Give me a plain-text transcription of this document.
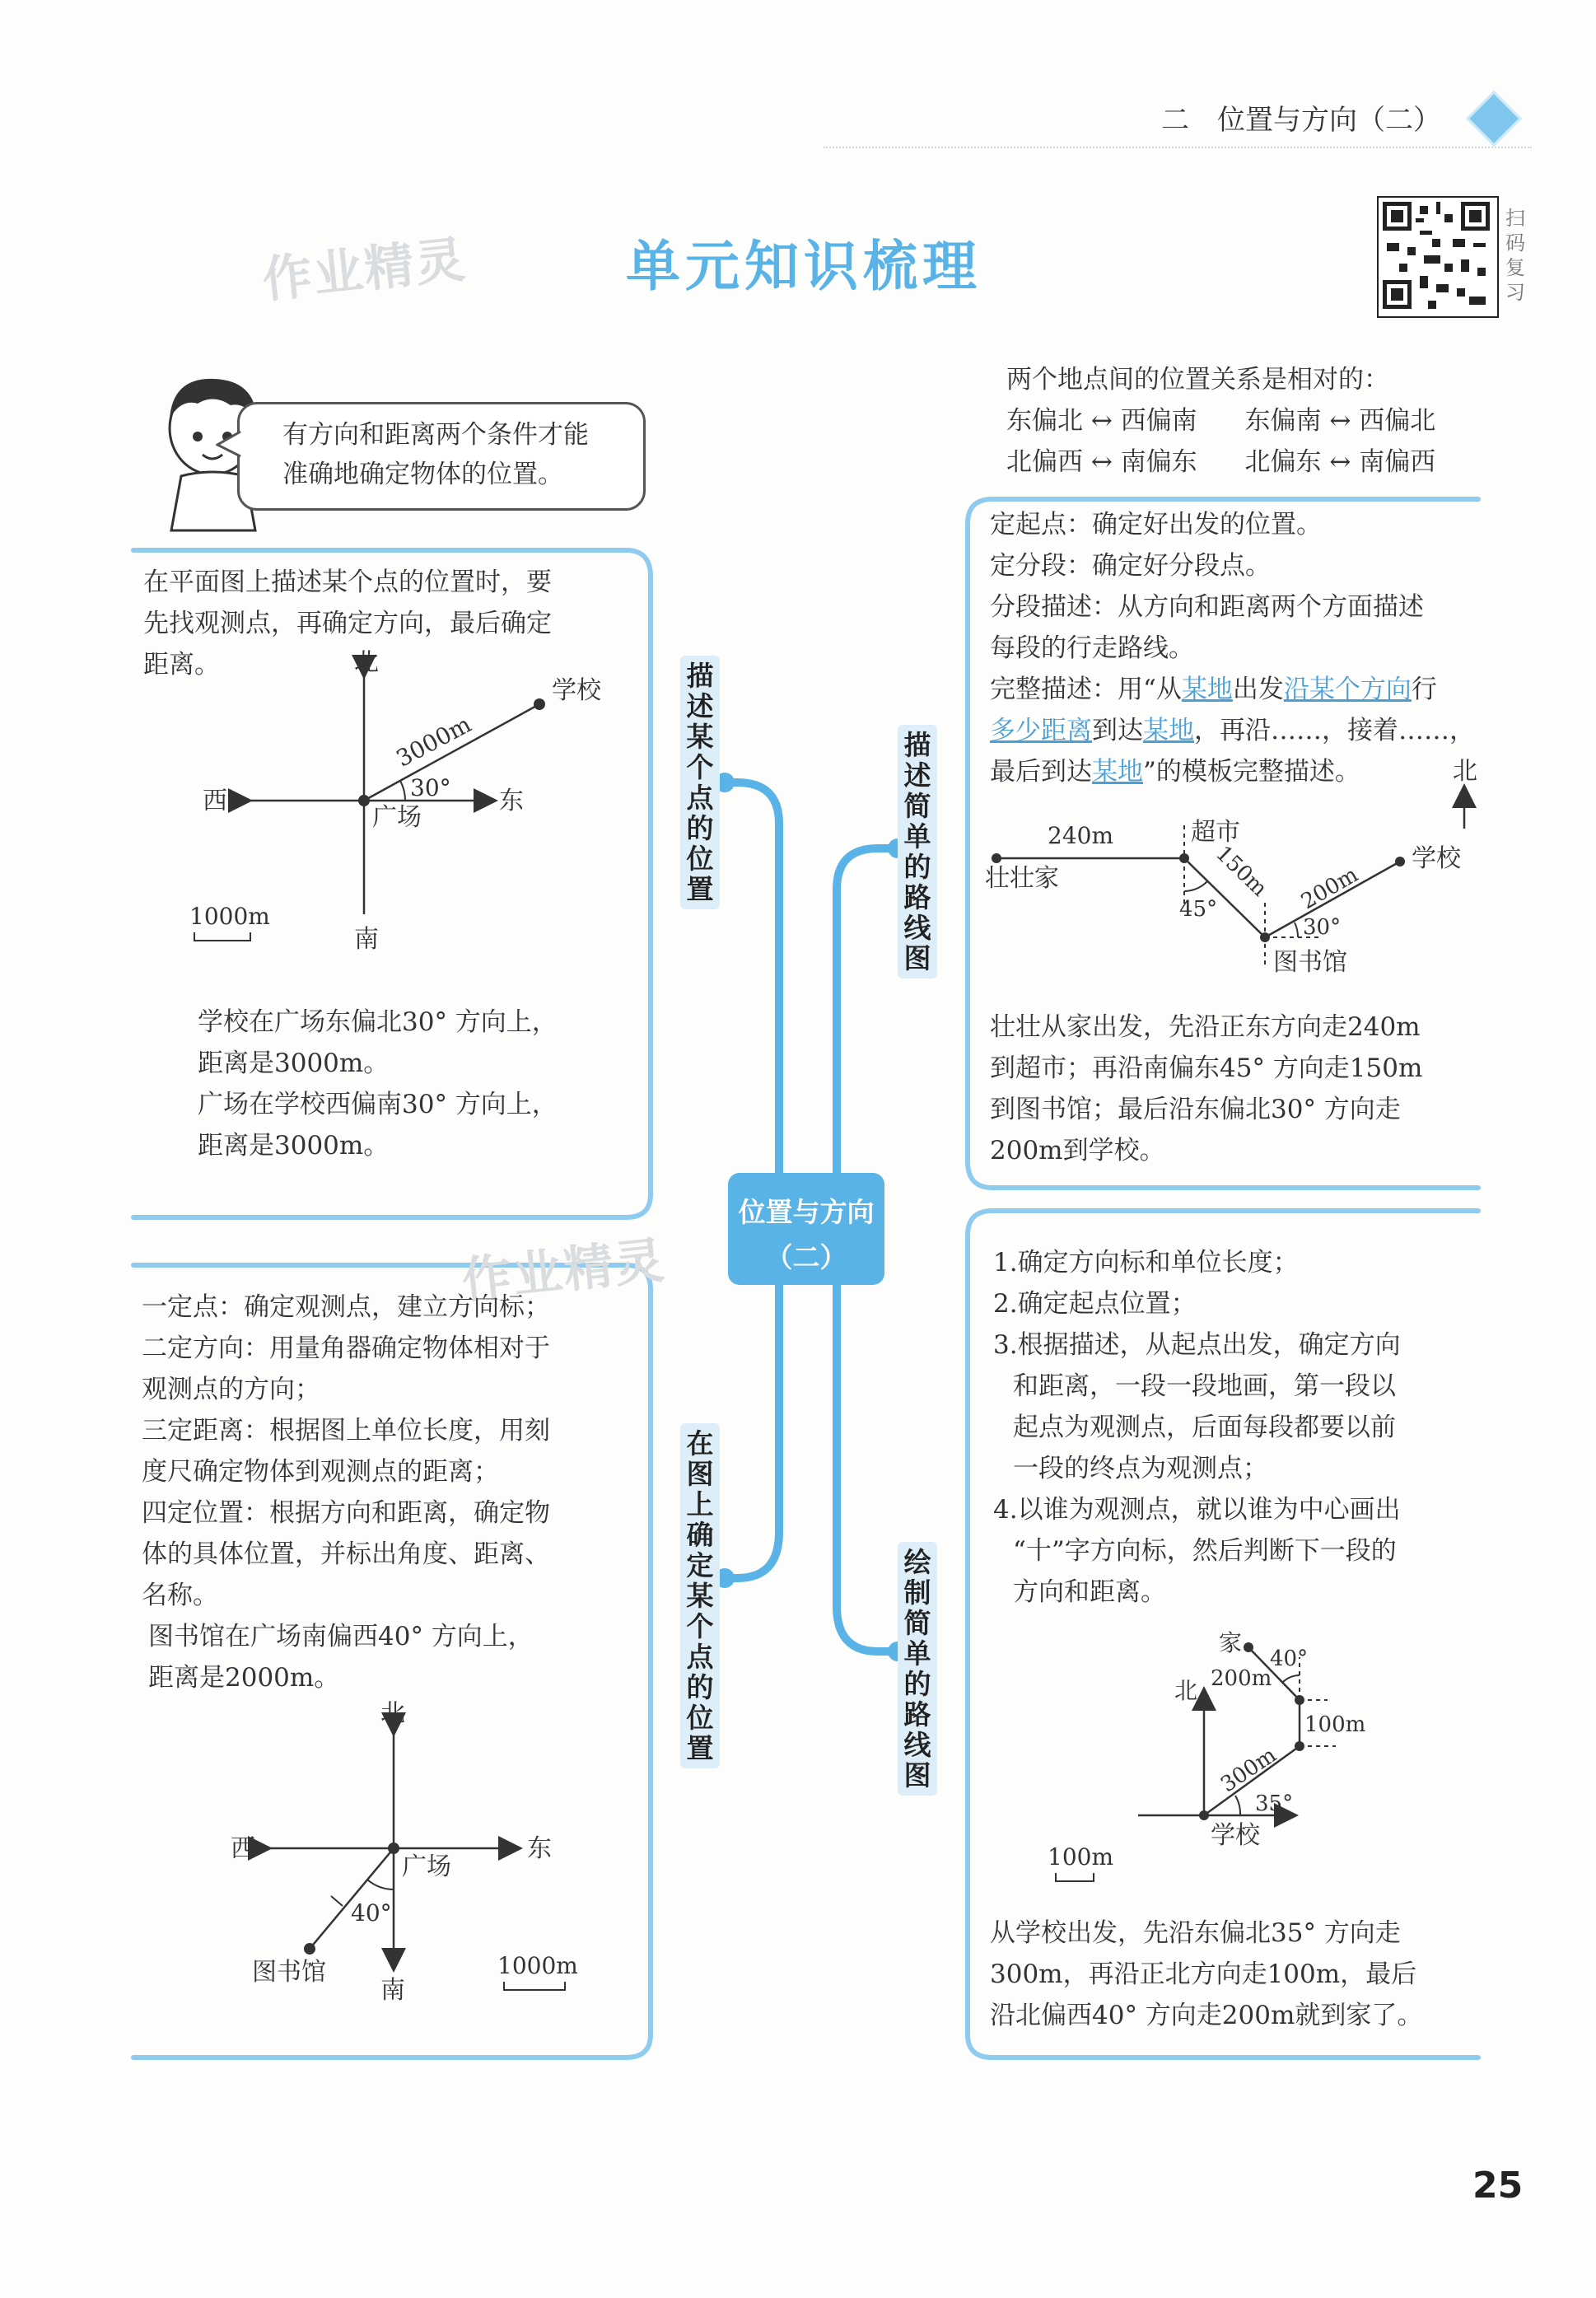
二　位置与方向（二）
作业精灵	单元知识梳理
扫
码
复
习
位置与方向
（二）
作业精灵
有方向和距离两个条件才能
准确地确定物体的位置。
两个地点间的位置关系是相对的：
东偏北 ↔ 西偏南 东偏南 ↔ 西偏北
北偏西 ↔ 南偏东 北偏东 ↔ 南偏西
描述某个点的位置
在图上确定某个点的位置
描述简单的路线图
绘制简单的路线图
在平面图上描述某个点的位置时，要
先找观测点，再确定方向，最后确定
距离。	北
南
西	东
广场
学校
30°
3000m
1000m
学校在广场东偏北30° 方向上，
距离是3000m。
广场在学校西偏南30° 方向上，
距离是3000m。
一定点：确定观测点，建立方向标；
二定方向：用量角器确定物体相对于
观测点的方向；
三定距离：根据图上单位长度，用刻
度尺确定物体到观测点的距离；
四定位置：根据方向和距离，确定物
体的具体位置，并标出角度、距离、
名称。
图书馆在广场南偏西40° 方向上，
距离是2000m。
北
南
西	东
广场
40°
图书馆	1000m
定起点：确定好出发的位置。
定分段：确定好分段点。
分段描述：从方向和距离两个方面描述
每段的行走路线。
完整描述：用“从某地出发沿某个方向行
多少距离到达某地，再沿……，接着……，
最后到达某地”的模板完整描述。	北
240m
壮壮家
超市
150m
45°	200m
30°
图书馆
学校
壮壮从家出发，先沿正东方向走240m
到超市；再沿南偏东45° 方向走150m
到图书馆；最后沿东偏北30° 方向走
200m到学校。
1.确定方向标和单位长度；
2.确定起点位置；
3.根据描述，从起点出发，确定方向
和距离，一段一段地画，第一段以
起点为观测点，后面每段都要以前
一段的终点为观测点；
4.以谁为观测点，就以谁为中心画出
“十”字方向标，然后判断下一段的
方向和距离。
北
家
40°
200m
100m
300m
35°
学校
100m
从学校出发，先沿东偏北35° 方向走
300m，再沿正北方向走100m，最后
沿北偏西40° 方向走200m就到家了。
25
